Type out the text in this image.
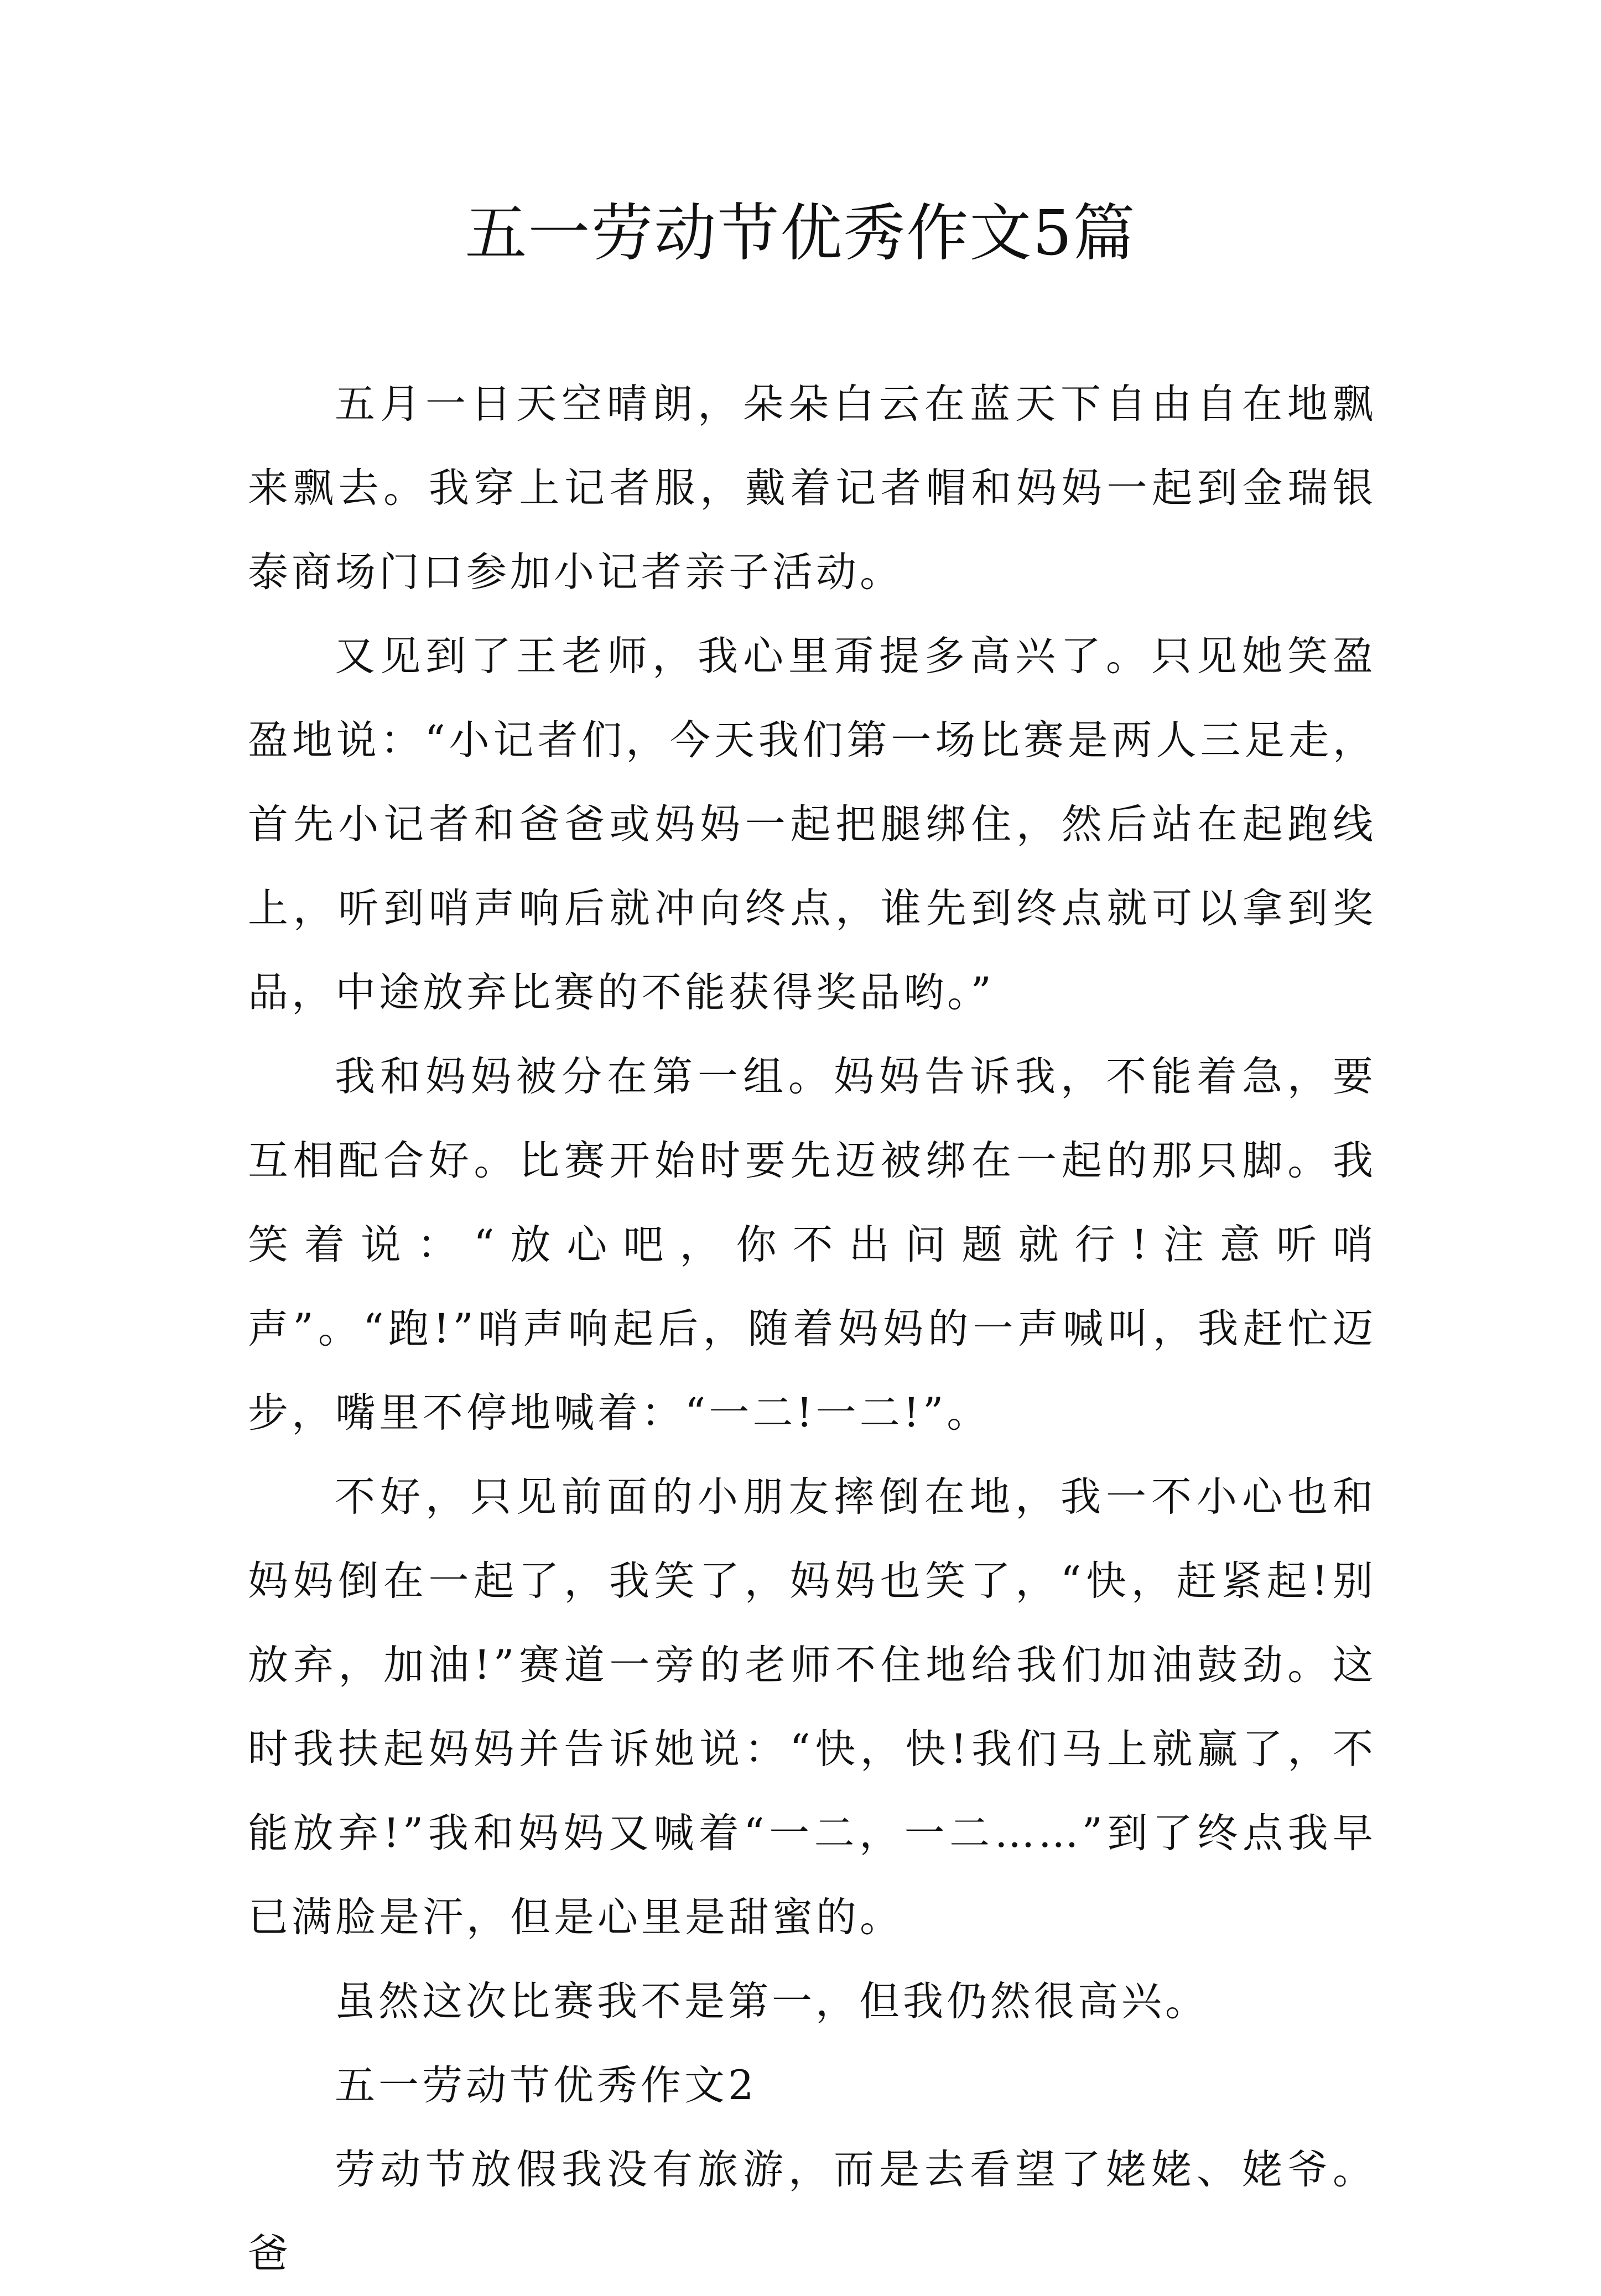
五一劳动节优秀作文5篇

五月一日天空晴朗，朵朵白云在蓝天下自由自在地飘来飘去。我穿上记者服，戴着记者帽和妈妈一起到金瑞银泰商场门口参加小记者亲子活动。

又见到了王老师，我心里甭提多高兴了。只见她笑盈盈地说：“小记者们，今天我们第一场比赛是两人三足走，首先小记者和爸爸或妈妈一起把腿绑住，然后站在起跑线上，听到哨声响后就冲向终点，谁先到终点就可以拿到奖品，中途放弃比赛的不能获得奖品哟。”

我和妈妈被分在第一组。妈妈告诉我，不能着急，要互相配合好。比赛开始时要先迈被绑在一起的那只脚。我笑着说：“放心吧，你不出问题就行!注意听哨声”。“跑!”哨声响起后，随着妈妈的一声喊叫，我赶忙迈步，嘴里不停地喊着：“一二!一二!”。

不好，只见前面的小朋友摔倒在地，我一不小心也和妈妈倒在一起了，我笑了，妈妈也笑了，“快，赶紧起!别放弃，加油!”赛道一旁的老师不住地给我们加油鼓劲。这时我扶起妈妈并告诉她说：“快，快!我们马上就赢了，不能放弃!”我和妈妈又喊着“一二，一二……”到了终点我早已满脸是汗，但是心里是甜蜜的。

虽然这次比赛我不是第一，但我仍然很高兴。

五一劳动节优秀作文2

劳动节放假我没有旅游，而是去看望了姥姥、姥爷。爸
